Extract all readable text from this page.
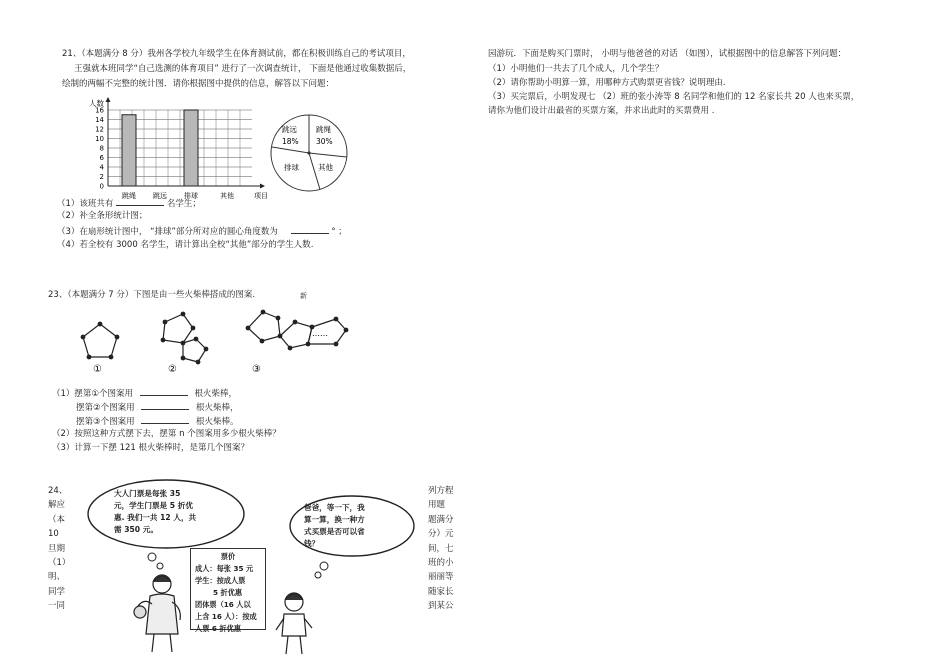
21、（本题满分 8 分）我州各学校九年级学生在体育测试前，都在积极训练自己的考试项目，
王强就本班同学“自己选测的体育项目” 进行了一次调查统计， 下面是他通过收集数据后，
绘制的两幅不完整的统计图．请你根据图中提供的信息，解答以下问题：
16
14
12
10
8
6
4
2
0
人数
项目
跳绳 跳远 排球	其他
跳远
18%
跳绳
30%
排球	其他
（1）该班共有	名学生；
（2）补全条形统计图；
（3）在扇形统计图中， “排球”部分所对应的圆心角度数为	° ；
（4）若全校有 3000 名学生，请计算出全校“其他”部分的学生人数.
23、（本题满分 7 分）下图是由一些火柴棒搭成的图案.	新
……
①	②	③
（1）摆第①个图案用	根火柴棒，
摆第②个图案用	根火柴棒，
摆第③个图案用	根火柴棒。
（2）按照这种方式摆下去，摆第 n 个图案用多少根火柴棒？
（3）计算一下摆 121 根火柴棒时，是第几个图案？
24、
解应
（本
10
旦期
（1）
明、
同学
一同
大人门票是每张 35
元，学生门票是 5 折优
惠. 我们一共 12 人，共
需 350 元。
爸爸，等一下，我
算一算，换一种方
式买票是否可以省
钱？
票价
成人：每张 35 元
学生：按成人票
5 折优惠
团体票（16 人以
上含 16 人）：按成
人票 6 折优惠
列方程
用题
题满分
分）元
间，七
班的小
丽丽等
随家长
到某公
园游玩．下面是购买门票时， 小明与他爸爸的对话 （如图），试根据图中的信息解答下列问题：
（1）小明他们一共去了几个成人，几个学生？
（2）请你帮助小明算一算，用哪种方式购票更省钱？说明理由.
（3）买完票后，小明发现七 （2）班的张小涛等 8 名同学和他们的 12 名家长共 20 人也来买票，
请你为他们设计出最省的买票方案，并求出此时的买票费用 .
